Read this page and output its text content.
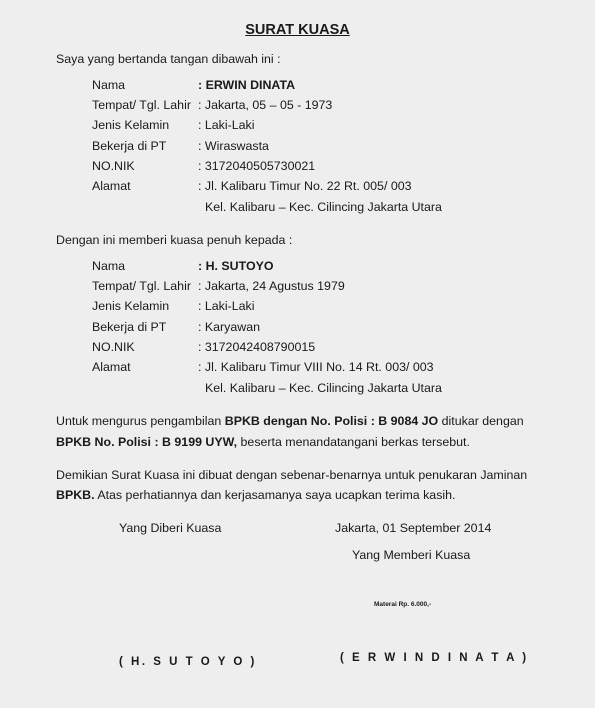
SURAT KUASA
Saya yang bertanda tangan dibawah ini :
Nama	: ERWIN DINATA
Tempat/ Tgl. Lahir : Jakarta, 05 – 05 - 1973
Jenis Kelamin : Laki-Laki
Bekerja di PT	: Wiraswasta
NO.NIK	: 3172040505730021
Alamat	: Jl. Kalibaru Timur No. 22 Rt. 005/ 003
Kel. Kalibaru – Kec. Cilincing Jakarta Utara
Dengan ini memberi kuasa penuh kepada :
Nama	: H. SUTOYO
Tempat/ Tgl. Lahir : Jakarta, 24 Agustus 1979
Jenis Kelamin : Laki-Laki
Bekerja di PT	: Karyawan
NO.NIK	: 3172042408790015
Alamat	: Jl. Kalibaru Timur VIII No. 14 Rt. 003/ 003
Kel. Kalibaru – Kec. Cilincing Jakarta Utara
Untuk mengurus pengambilan BPKB dengan No. Polisi : B 9084 JO ditukar dengan
BPKB No. Polisi : B 9199 UYW, beserta menandatangani berkas tersebut.
Demikian Surat Kuasa ini dibuat dengan sebenar-benarnya untuk penukaran Jaminan
BPKB. Atas perhatiannya dan kerjasamanya saya ucapkan terima kasih.
Yang Diberi Kuasa	Jakarta, 01 September 2014
Yang Memberi Kuasa
Materai Rp. 6.000,-
( H. S U T O Y O )	( E R W I N D I N A T A )
